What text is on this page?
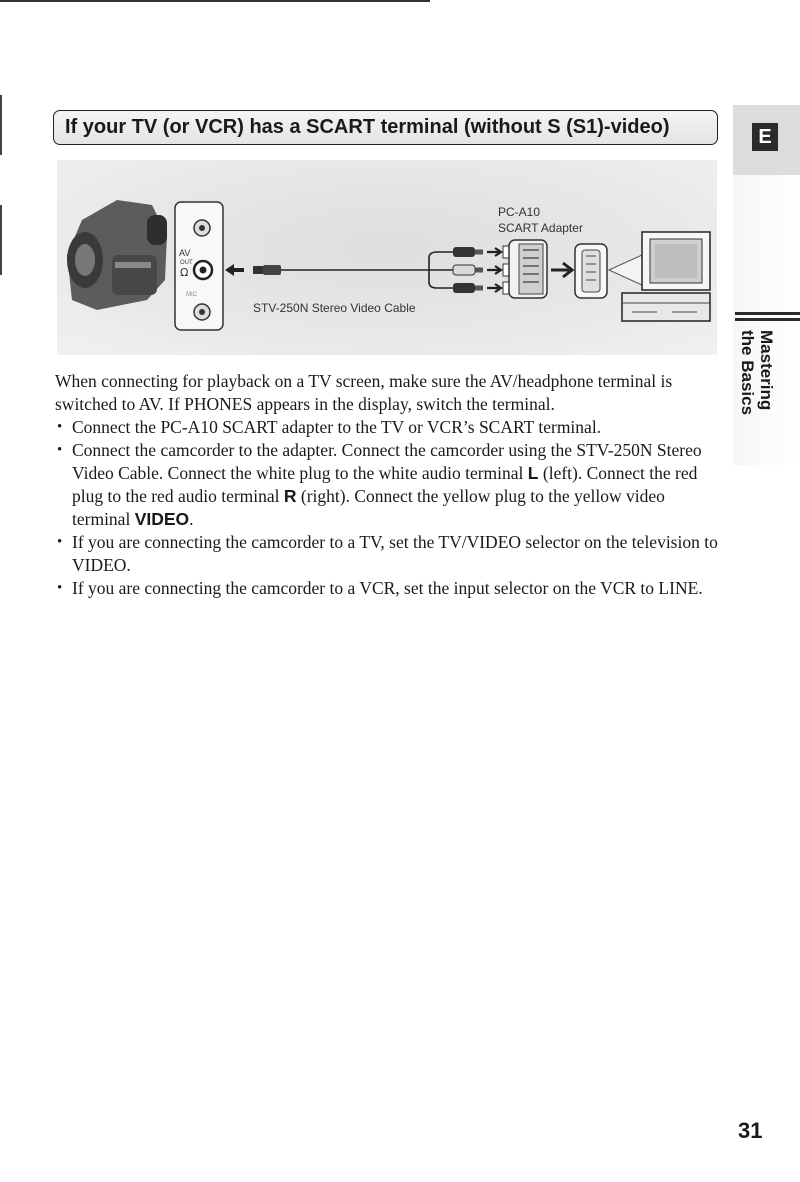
If your TV (or VCR) has a SCART terminal (without S (S1)-video)	E
Mastering the Basics
AV
OUT
MIC
Ω
PC-A10
SCART Adapter
STV-250N Stereo Video Cable

When connecting for playback on a TV screen, make sure the AV/headphone terminal is switched to AV. If PHONES appears in the display, switch the terminal.

• Connect the PC-A10 SCART adapter to the TV or VCR’s SCART terminal.
• Connect the camcorder to the adapter. Connect the camcorder using the STV-250N Stereo Video Cable. Connect the white plug to the white audio terminal L (left). Connect the red plug to the red audio terminal R (right). Connect the yellow plug to the yellow video terminal VIDEO.
• If you are connecting the camcorder to a TV, set the TV/VIDEO selector on the television to VIDEO.
• If you are connecting the camcorder to a VCR, set the input selector on the VCR to LINE.
31
